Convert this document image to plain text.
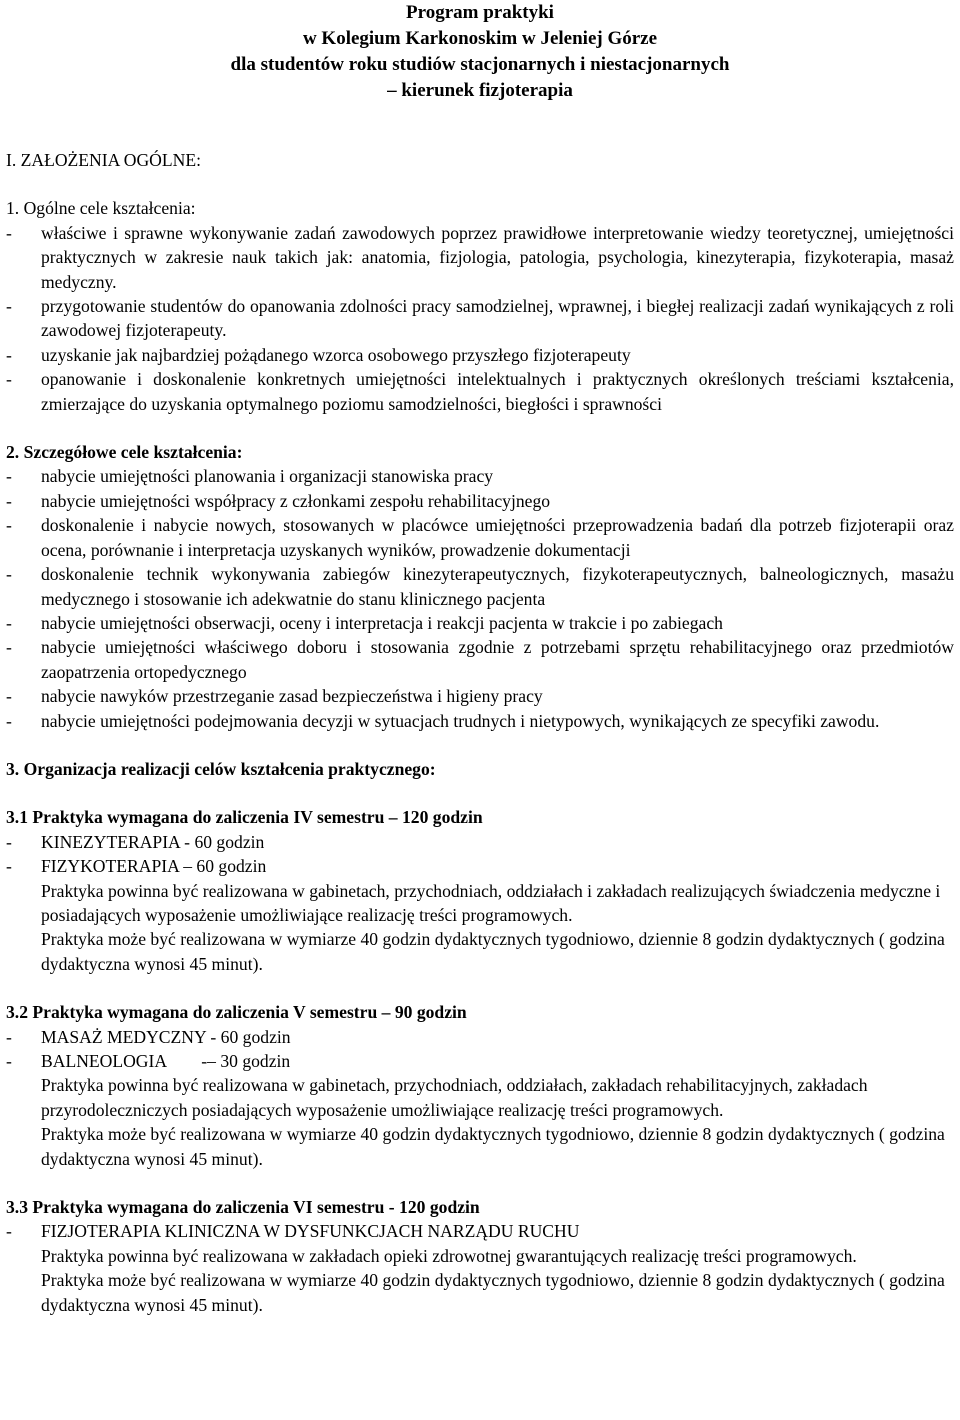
Program praktyki
w Kolegium Karkonoskim w Jeleniej Górze
dla studentów roku studiów stacjonarnych i niestacjonarnych
– kierunek fizjoterapia
I. ZAŁOŻENIA OGÓLNE:
1. Ogólne cele kształcenia:
-	właściwe i sprawne wykonywanie zadań zawodowych poprzez prawidłowe interpretowanie wiedzy teoretycznej, umiejętności praktycznych w zakresie nauk takich jak: anatomia, fizjologia, patologia, psychologia, kinezyterapia, fizykoterapia, masaż medyczny.
-	przygotowanie studentów do opanowania zdolności pracy samodzielnej, wprawnej, i biegłej realizacji zadań wynikających z roli zawodowej fizjoterapeuty.
-	uzyskanie jak najbardziej pożądanego wzorca osobowego przyszłego fizjoterapeuty
-	opanowanie i doskonalenie konkretnych umiejętności intelektualnych i praktycznych określonych treściami kształcenia, zmierzające do uzyskania optymalnego poziomu samodzielności, biegłości i sprawności
2. Szczegółowe cele kształcenia:
-	nabycie umiejętności planowania i organizacji stanowiska pracy
-	nabycie umiejętności współpracy z członkami zespołu rehabilitacyjnego
-	doskonalenie i nabycie nowych, stosowanych w placówce umiejętności przeprowadzenia badań dla potrzeb fizjoterapii oraz ocena, porównanie i interpretacja uzyskanych wyników, prowadzenie dokumentacji
-	doskonalenie technik wykonywania zabiegów kinezyterapeutycznych, fizykoterapeutycznych, balneologicznych, masażu medycznego i stosowanie ich adekwatnie do stanu klinicznego pacjenta
-	nabycie umiejętności obserwacji, oceny i interpretacja i reakcji pacjenta w trakcie i po zabiegach
-	nabycie umiejętności właściwego doboru i stosowania zgodnie z potrzebami sprzętu rehabilitacyjnego oraz przedmiotów zaopatrzenia ortopedycznego
-	nabycie nawyków przestrzeganie zasad bezpieczeństwa i higieny pracy
-	nabycie umiejętności podejmowania decyzji w sytuacjach trudnych i nietypowych, wynikających ze specyfiki zawodu.
3. Organizacja realizacji celów kształcenia praktycznego:
3.1 Praktyka wymagana do zaliczenia IV semestru – 120 godzin
-	KINEZYTERAPIA - 60 godzin
-	FIZYKOTERAPIA – 60 godzin
Praktyka powinna być realizowana w gabinetach, przychodniach, oddziałach i zakładach realizujących świadczenia medyczne i posiadających wyposażenie umożliwiające realizację treści programowych.
Praktyka może być realizowana w wymiarze 40 godzin dydaktycznych tygodniowo, dziennie 8 godzin dydaktycznych ( godzina dydaktyczna wynosi 45 minut).
3.2 Praktyka wymagana do zaliczenia V semestru – 90 godzin
-	MASAŻ MEDYCZNY - 60 godzin
-	BALNEOLOGIA        -– 30 godzin
Praktyka powinna być realizowana w gabinetach, przychodniach, oddziałach, zakładach rehabilitacyjnych, zakładach przyrodoleczniczych posiadających wyposażenie umożliwiające realizację treści programowych.
Praktyka może być realizowana w wymiarze 40 godzin dydaktycznych tygodniowo, dziennie 8 godzin dydaktycznych ( godzina dydaktyczna wynosi 45 minut).
3.3 Praktyka wymagana do zaliczenia VI semestru - 120 godzin
-	FIZJOTERAPIA KLINICZNA W DYSFUNKCJACH NARZĄDU RUCHU
Praktyka powinna być realizowana w zakładach opieki zdrowotnej gwarantujących realizację treści programowych.
Praktyka może być realizowana w wymiarze 40 godzin dydaktycznych tygodniowo, dziennie 8 godzin dydaktycznych ( godzina dydaktyczna wynosi 45 minut).
